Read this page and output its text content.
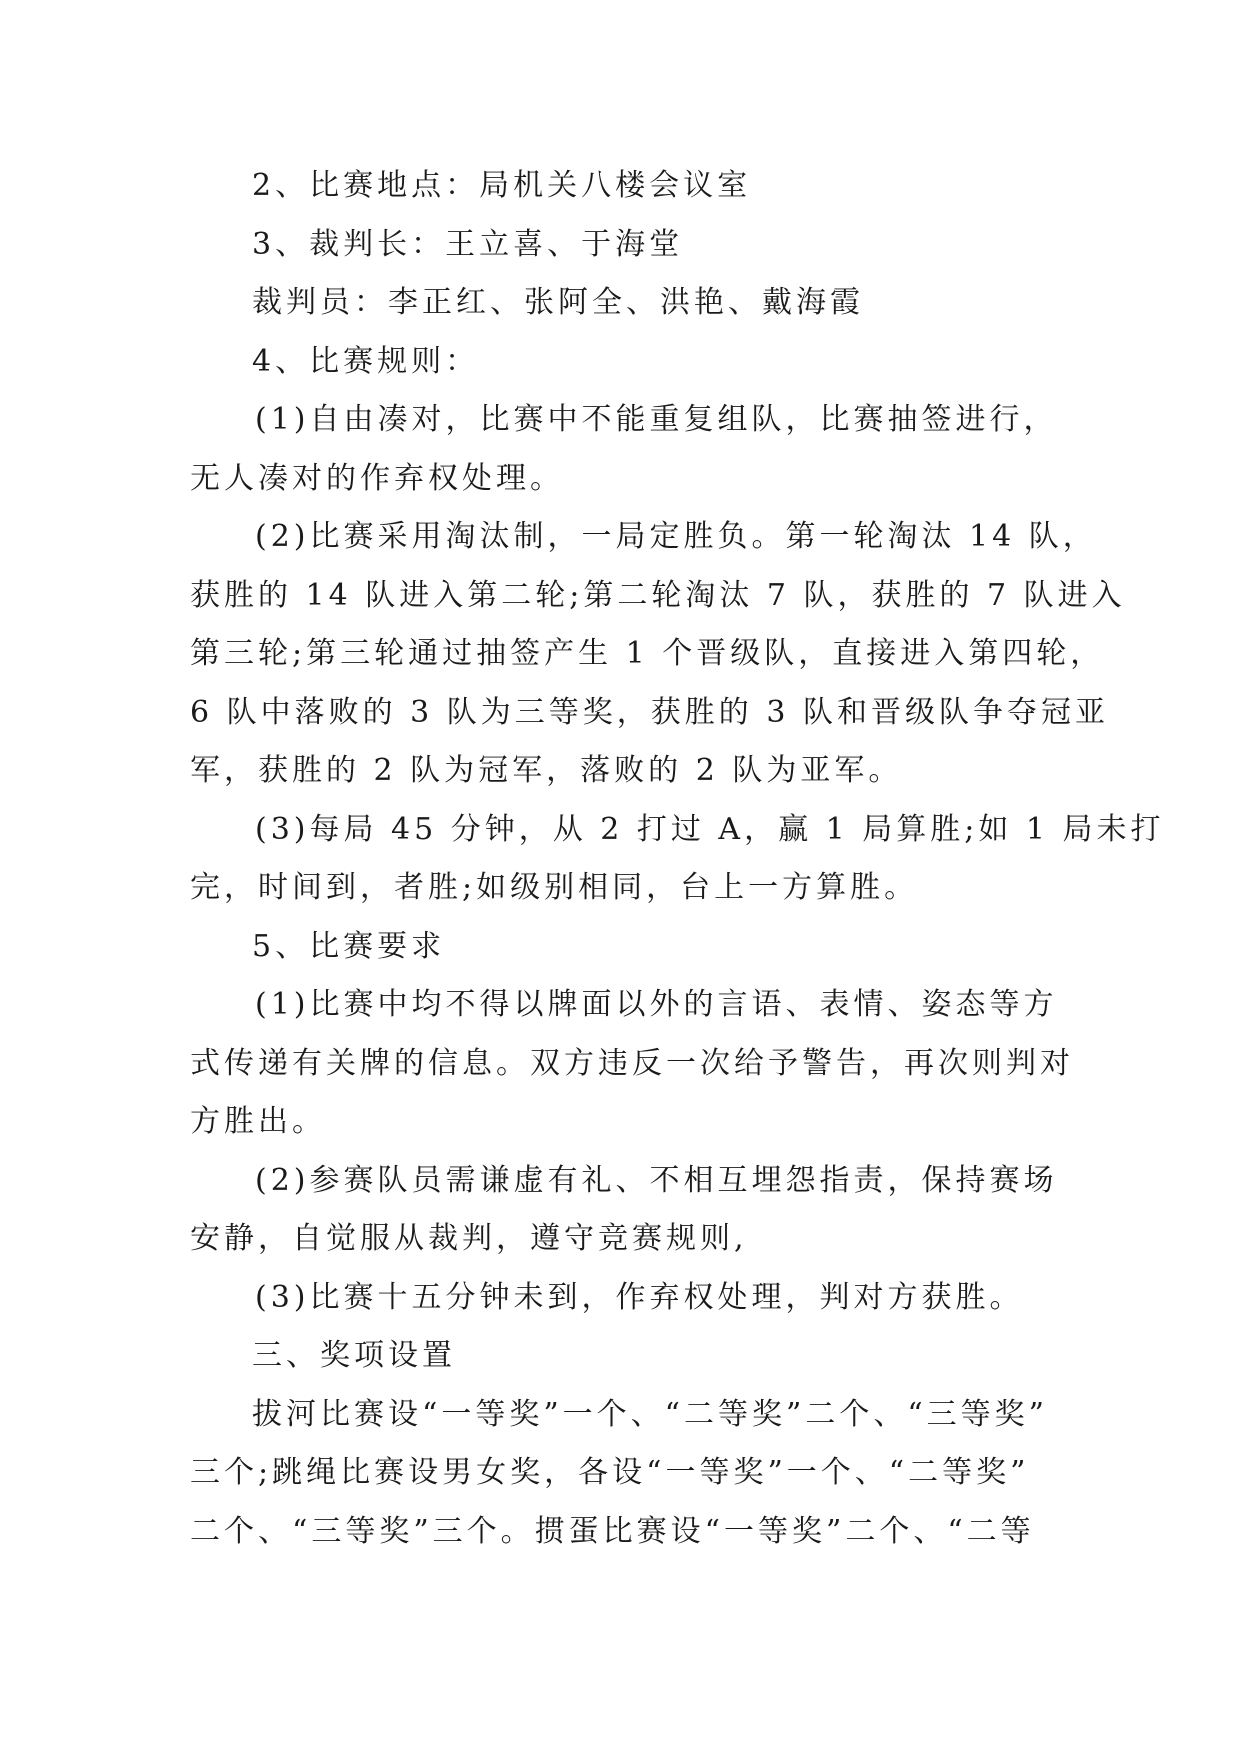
2、比赛地点：局机关八楼会议室
3、裁判长：王立喜、于海堂
裁判员：李正红、张阿全、洪艳、戴海霞
4、比赛规则：
(1)自由凑对，比赛中不能重复组队，比赛抽签进行，
无人凑对的作弃权处理。
(2)比赛采用淘汰制，一局定胜负。第一轮淘汰 14 队，
获胜的 14 队进入第二轮;第二轮淘汰 7 队，获胜的 7 队进入
第三轮;第三轮通过抽签产生 1 个晋级队，直接进入第四轮，
6 队中落败的 3 队为三等奖，获胜的 3 队和晋级队争夺冠亚
军，获胜的 2 队为冠军，落败的 2 队为亚军。
(3)每局 45 分钟，从 2 打过 A，赢 1 局算胜;如 1 局未打
完，时间到，者胜;如级别相同，台上一方算胜。
5、比赛要求
(1)比赛中均不得以牌面以外的言语、表情、姿态等方
式传递有关牌的信息。双方违反一次给予警告，再次则判对
方胜出。
(2)参赛队员需谦虚有礼、不相互埋怨指责，保持赛场
安静，自觉服从裁判，遵守竞赛规则,
(3)比赛十五分钟未到，作弃权处理，判对方获胜。
三、奖项设置
拔河比赛设“一等奖”一个、“二等奖”二个、“三等奖”
三个;跳绳比赛设男女奖，各设“一等奖”一个、“二等奖”
二个、“三等奖”三个。掼蛋比赛设“一等奖”二个、“二等
